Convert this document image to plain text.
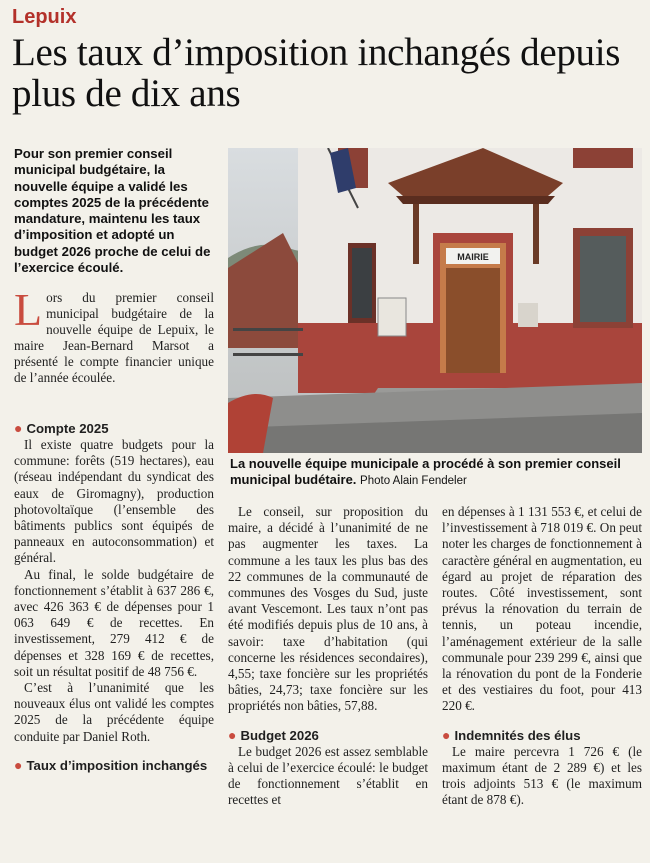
Lepuix
Les taux d’imposition inchangés depuis plus de dix ans

Pour son premier conseil municipal budgétaire, la nouvelle équipe a validé les comptes 2025 de la précédente mandature, maintenu les taux d’imposition et adopté un budget 2026 proche de celui de l’exercice écoulé.

Lors du premier conseil municipal budgétaire de la nouvelle équipe de Lepuix, le maire Jean-Bernard Marsot a présenté le compte financier unique de l’année écoulée.
● Compte 2025

Il existe quatre budgets pour la commune: forêts (519 hectares), eau (réseau indépendant du syndicat des eaux de Giromagny), production photovoltaïque (l’ensemble des bâtiments publics sont équipés de panneaux en autoconsommation) et général.

Au final, le solde budgétaire de fonctionnement s’établit à 637 286 €, avec 426 363 € de dépenses pour 1 063 649 € de recettes. En investissement, 279 412 € de dépenses et 328 169 € de recettes, soit un résultat positif de 48 756 €.

C’est à l’unanimité que les nouveaux élus ont validé les comptes 2025 de la précédente équipe conduite par Daniel Roth.

● Taux d’imposition inchangés
MAIRIE
La nouvelle équipe municipale a procédé à son premier conseil municipal budétaire. Photo Alain Fendeler

Le conseil, sur proposition du maire, a décidé à l’unanimité de ne pas augmenter les taxes. La commune a les taux les plus bas des 22 communes de la communauté de communes des Vosges du Sud, juste avant Vescemont. Les taux n’ont pas été modifiés depuis plus de 10 ans, à savoir: taxe d’habitation (qui concerne les résidences secondaires), 4,55; taxe foncière sur les propriétés bâties, 24,73; taxe foncière sur les propriétés non bâties, 57,88.

● Budget 2026

Le budget 2026 est assez semblable à celui de l’exercice écoulé: le budget de fonctionnement s’établit en recettes et

en dépenses à 1 131 553 €, et celui de l’investissement à 718 019 €. On peut noter les charges de fonctionnement à caractère général en augmentation, eu égard au projet de réparation des routes. Côté investissement, sont prévus la rénovation du terrain de tennis, un poteau incendie, l’aménagement extérieur de la salle communale pour 239 299 €, ainsi que la rénovation du pont de la Fonderie et des vestiaires du foot, pour 413 220 €.

● Indemnités des élus

Le maire percevra 1 726 € (le maximum étant de 2 289 €) et les trois adjoints 513 € (le maximum étant de 878 €).
